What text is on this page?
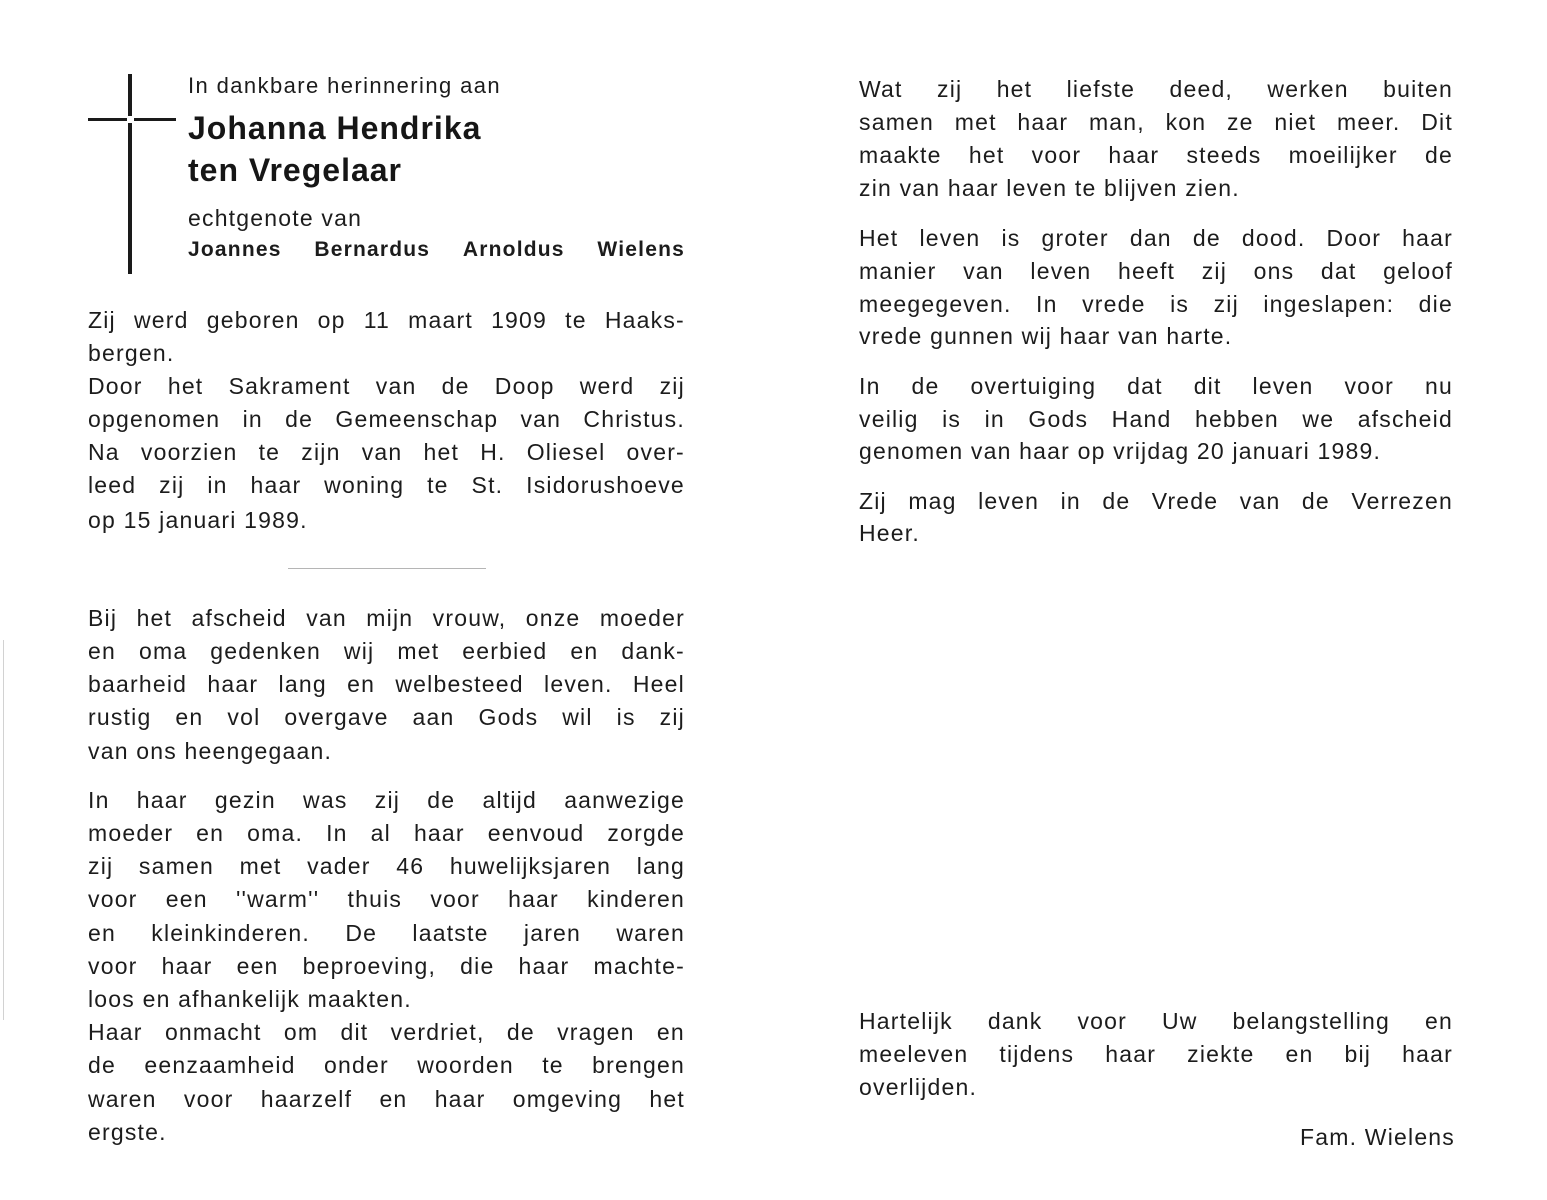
In dankbare herinnering aan
Johanna Hendrika
ten Vregelaar
echtgenote van
Joannes Bernardus Arnoldus Wielens
Zij werd geboren op 11 maart 1909 te Haaks-
bergen.
Door het Sakrament van de Doop werd zij
opgenomen in de Gemeenschap van Christus.
Na voorzien te zijn van het H. Oliesel over-
leed zij in haar woning te St. Isidorushoeve
op 15 januari 1989.
Bij het afscheid van mijn vrouw, onze moeder
en oma gedenken wij met eerbied en dank-
baarheid haar lang en welbesteed leven. Heel
rustig en vol overgave aan Gods wil is zij
van ons heengegaan.
In haar gezin was zij de altijd aanwezige
moeder en oma. In al haar eenvoud zorgde
zij samen met vader 46 huwelijksjaren lang
voor een ''warm'' thuis voor haar kinderen
en kleinkinderen. De laatste jaren waren
voor haar een beproeving, die haar machte-
loos en afhankelijk maakten.
Haar onmacht om dit verdriet, de vragen en
de eenzaamheid onder woorden te brengen
waren voor haarzelf en haar omgeving het
ergste.
Wat zij het liefste deed, werken buiten
samen met haar man, kon ze niet meer. Dit
maakte het voor haar steeds moeilijker de
zin van haar leven te blijven zien.
Het leven is groter dan de dood. Door haar
manier van leven heeft zij ons dat geloof
meegegeven. In vrede is zij ingeslapen: die
vrede gunnen wij haar van harte.
In de overtuiging dat dit leven voor nu
veilig is in Gods Hand hebben we afscheid
genomen van haar op vrijdag 20 januari 1989.
Zij mag leven in de Vrede van de Verrezen
Heer.
Hartelijk dank voor Uw belangstelling en
meeleven tijdens haar ziekte en bij haar
overlijden.
Fam. Wielens
